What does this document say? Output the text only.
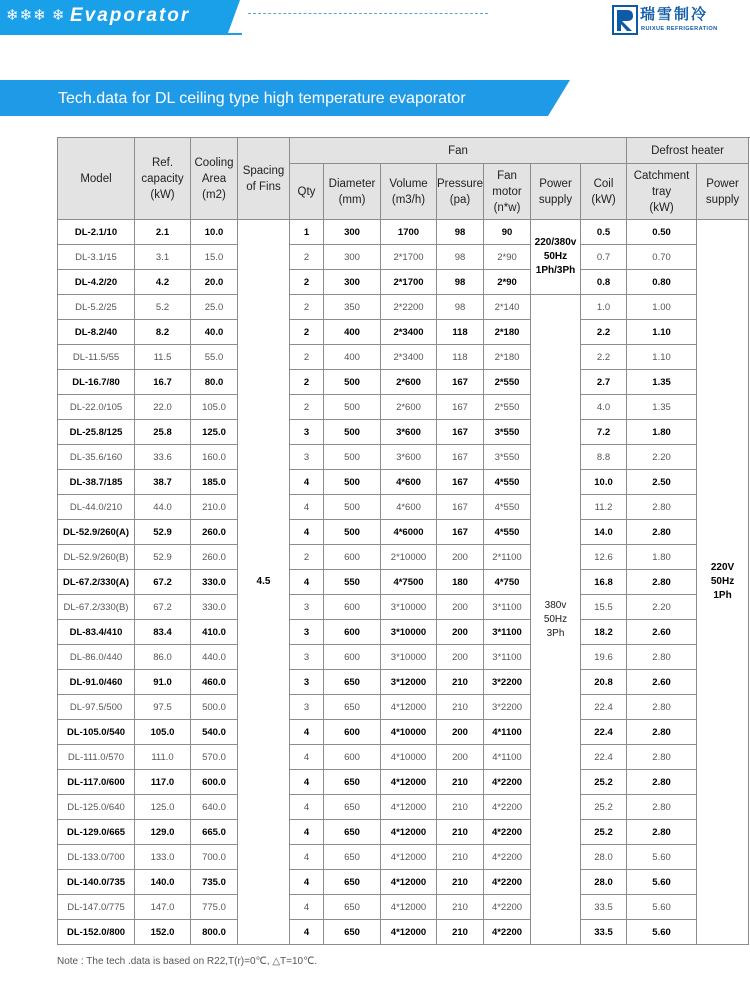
❄❄❄ ❄ Evaporator	瑞雪制冷
RUIXUE REFRIGERATION
Tech.data for DL ceiling type high temperature evaporator
Model	Ref.
capacity
(kW)	Cooling
Area
(m2)	Spacing
of Fins	Fan							Defrost heater	
				Qty	Diameter
(mm)	Volume
(m3/h)	Pressure
(pa)	Fan
motor
(n*w)	Power
supply	Coil
(kW)	Catchment
tray
(kW)	Power
supply
DL-2.1/10	2.1	10.0	4.5	1	300	1700	98	90	220/380v
50Hz
1Ph/3Ph	0.5	0.50	220V
50Hz
1Ph
DL-3.1/15	3.1	15.0		2	300	2*1700	98	2*90		0.7	0.70	
DL-4.2/20	4.2	20.0		2	300	2*1700	98	2*90		0.8	0.80	
DL-5.2/25	5.2	25.0		2	350	2*2200	98	2*140	380v
50Hz
3Ph	1.0	1.00	
DL-8.2/40	8.2	40.0		2	400	2*3400	118	2*180		2.2	1.10	
DL-11.5/55	11.5	55.0		2	400	2*3400	118	2*180		2.2	1.10	
DL-16.7/80	16.7	80.0		2	500	2*600	167	2*550		2.7	1.35	
DL-22.0/105	22.0	105.0		2	500	2*600	167	2*550		4.0	1.35	
DL-25.8/125	25.8	125.0		3	500	3*600	167	3*550		7.2	1.80	
DL-35.6/160	33.6	160.0		3	500	3*600	167	3*550		8.8	2.20	
DL-38.7/185	38.7	185.0		4	500	4*600	167	4*550		10.0	2.50	
DL-44.0/210	44.0	210.0		4	500	4*600	167	4*550		11.2	2.80	
DL-52.9/260(A)	52.9	260.0		4	500	4*6000	167	4*550		14.0	2.80	
DL-52.9/260(B)	52.9	260.0		2	600	2*10000	200	2*1100		12.6	1.80	
DL-67.2/330(A)	67.2	330.0		4	550	4*7500	180	4*750		16.8	2.80	
DL-67.2/330(B)	67.2	330.0		3	600	3*10000	200	3*1100		15.5	2.20	
DL-83.4/410	83.4	410.0		3	600	3*10000	200	3*1100		18.2	2.60	
DL-86.0/440	86.0	440.0		3	600	3*10000	200	3*1100		19.6	2.80	
DL-91.0/460	91.0	460.0		3	650	3*12000	210	3*2200		20.8	2.60	
DL-97.5/500	97.5	500.0		3	650	4*12000	210	3*2200		22.4	2.80	
DL-105.0/540	105.0	540.0		4	600	4*10000	200	4*1100		22.4	2.80	
DL-111.0/570	111.0	570.0		4	600	4*10000	200	4*1100		22.4	2.80	
DL-117.0/600	117.0	600.0		4	650	4*12000	210	4*2200		25.2	2.80	
DL-125.0/640	125.0	640.0		4	650	4*12000	210	4*2200		25.2	2.80	
DL-129.0/665	129.0	665.0		4	650	4*12000	210	4*2200		25.2	2.80	
DL-133.0/700	133.0	700.0		4	650	4*12000	210	4*2200		28.0	5.60	
DL-140.0/735	140.0	735.0		4	650	4*12000	210	4*2200		28.0	5.60	
DL-147.0/775	147.0	775.0		4	650	4*12000	210	4*2200		33.5	5.60	
DL-152.0/800	152.0	800.0		4	650	4*12000	210	4*2200		33.5	5.60	
Note : The tech .data is based on R22,T(r)=0℃, △T=10℃.
